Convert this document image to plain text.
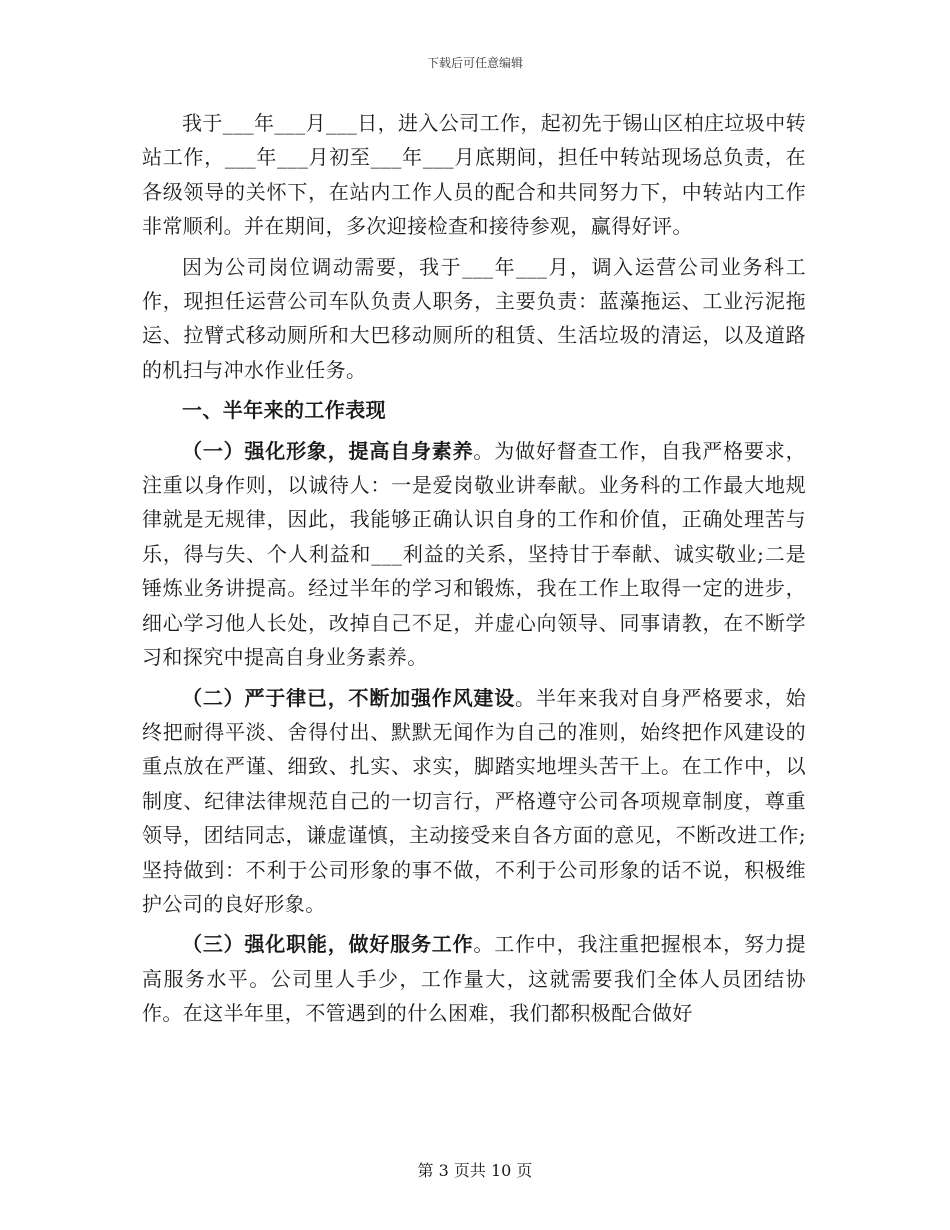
下载后可任意编辑

我于___年___月___日，进入公司工作，起初先于锡山区柏庄垃圾中转站工作，___年___月初至___年___月底期间，担任中转站现场总负责，在各级领导的关怀下，在站内工作人员的配合和共同努力下，中转站内工作非常顺利。并在期间，多次迎接检查和接待参观，赢得好评。

因为公司岗位调动需要，我于___年___月，调入运营公司业务科工作，现担任运营公司车队负责人职务，主要负责：蓝藻拖运、工业污泥拖运、拉臂式移动厕所和大巴移动厕所的租赁、生活垃圾的清运，以及道路的机扫与冲水作业任务。

一、半年来的工作表现

（一）强化形象，提高自身素养。为做好督查工作，自我严格要求，注重以身作则，以诚待人：一是爱岗敬业讲奉献。业务科的工作最大地规律就是无规律，因此，我能够正确认识自身的工作和价值，正确处理苦与乐，得与失、个人利益和___利益的关系，坚持甘于奉献、诚实敬业;二是锤炼业务讲提高。经过半年的学习和锻炼，我在工作上取得一定的进步，细心学习他人长处，改掉自己不足，并虚心向领导、同事请教，在不断学习和探究中提高自身业务素养。

（二）严于律已，不断加强作风建设。半年来我对自身严格要求，始终把耐得平淡、舍得付出、默默无闻作为自己的准则，始终把作风建设的重点放在严谨、细致、扎实、求实，脚踏实地埋头苦干上。在工作中，以制度、纪律法律规范自己的一切言行，严格遵守公司各项规章制度，尊重领导，团结同志，谦虚谨慎，主动接受来自各方面的意见，不断改进工作;坚持做到：不利于公司形象的事不做，不利于公司形象的话不说，积极维护公司的良好形象。

（三）强化职能，做好服务工作。工作中，我注重把握根本，努力提高服务水平。公司里人手少，工作量大，这就需要我们全体人员团结协作。在这半年里，不管遇到的什么困难，我们都积极配合做好

第 3 页共 10 页
